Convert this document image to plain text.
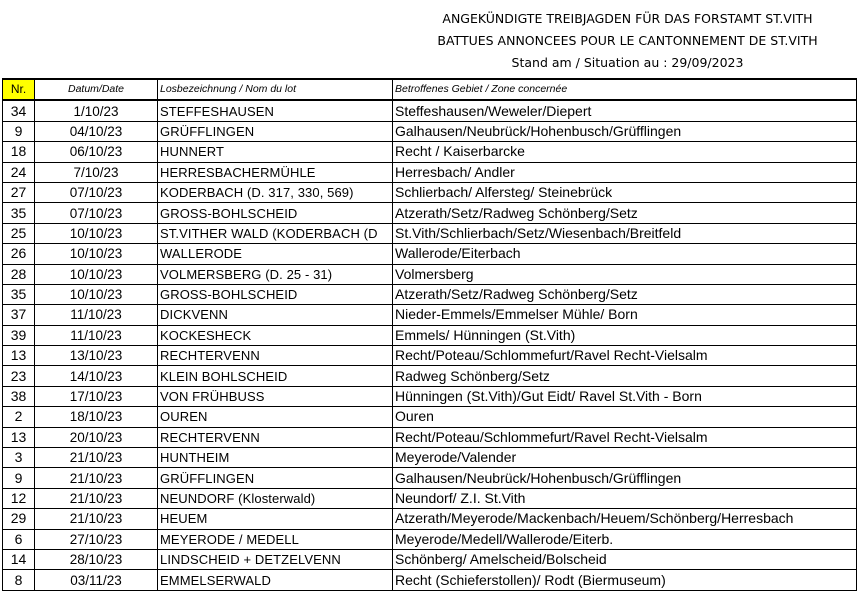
ANGEKÜNDIGTE TREIBJAGDEN FÜR DAS FORSTAMT ST.VITH
BATTUES ANNONCEES POUR LE CANTONNEMENT DE ST.VITH
Stand am / Situation au : 29/09/2023
Nr.	Datum/Date	Losbezeichnung / Nom du lot	Betroffenes Gebiet / Zone concernée
34	1/10/23	STEFFESHAUSEN	Steffeshausen/Weweler/Diepert
9	04/10/23	GRÜFFLINGEN	Galhausen/Neubrück/Hohenbusch/Grüfflingen
18	06/10/23	HUNNERT	Recht / Kaiserbarcke
24	7/10/23	HERRESBACHERMÜHLE	Herresbach/ Andler
27	07/10/23	KODERBACH (D. 317, 330, 569)	Schlierbach/ Alfersteg/ Steinebrück
35	07/10/23	GROSS-BOHLSCHEID	Atzerath/Setz/Radweg Schönberg/Setz
25	10/10/23	ST.VITHER WALD (KODERBACH (D	St.Vith/Schlierbach/Setz/Wiesenbach/Breitfeld
26	10/10/23	WALLERODE	Wallerode/Eiterbach
28	10/10/23	VOLMERSBERG (D. 25 - 31)	Volmersberg
35	10/10/23	GROSS-BOHLSCHEID	Atzerath/Setz/Radweg Schönberg/Setz
37	11/10/23	DICKVENN	Nieder-Emmels/Emmelser Mühle/ Born
39	11/10/23	KOCKESHECK	Emmels/ Hünningen (St.Vith)
13	13/10/23	RECHTERVENN	Recht/Poteau/Schlommefurt/Ravel Recht-Vielsalm
23	14/10/23	KLEIN BOHLSCHEID	Radweg Schönberg/Setz
38	17/10/23	VON FRÜHBUSS	Hünningen (St.Vith)/Gut Eidt/ Ravel St.Vith - Born
2	18/10/23	OUREN	Ouren
13	20/10/23	RECHTERVENN	Recht/Poteau/Schlommefurt/Ravel Recht-Vielsalm
3	21/10/23	HUNTHEIM	Meyerode/Valender
9	21/10/23	GRÜFFLINGEN	Galhausen/Neubrück/Hohenbusch/Grüfflingen
12	21/10/23	NEUNDORF (Klosterwald)	Neundorf/ Z.I. St.Vith
29	21/10/23	HEUEM	Atzerath/Meyerode/Mackenbach/Heuem/Schönberg/Herresbach
6	27/10/23	MEYERODE / MEDELL	Meyerode/Medell/Wallerode/Eiterb.
14	28/10/23	LINDSCHEID + DETZELVENN	Schönberg/ Amelscheid/Bolscheid
8	03/11/23	EMMELSERWALD	Recht (Schieferstollen)/ Rodt (Biermuseum)
